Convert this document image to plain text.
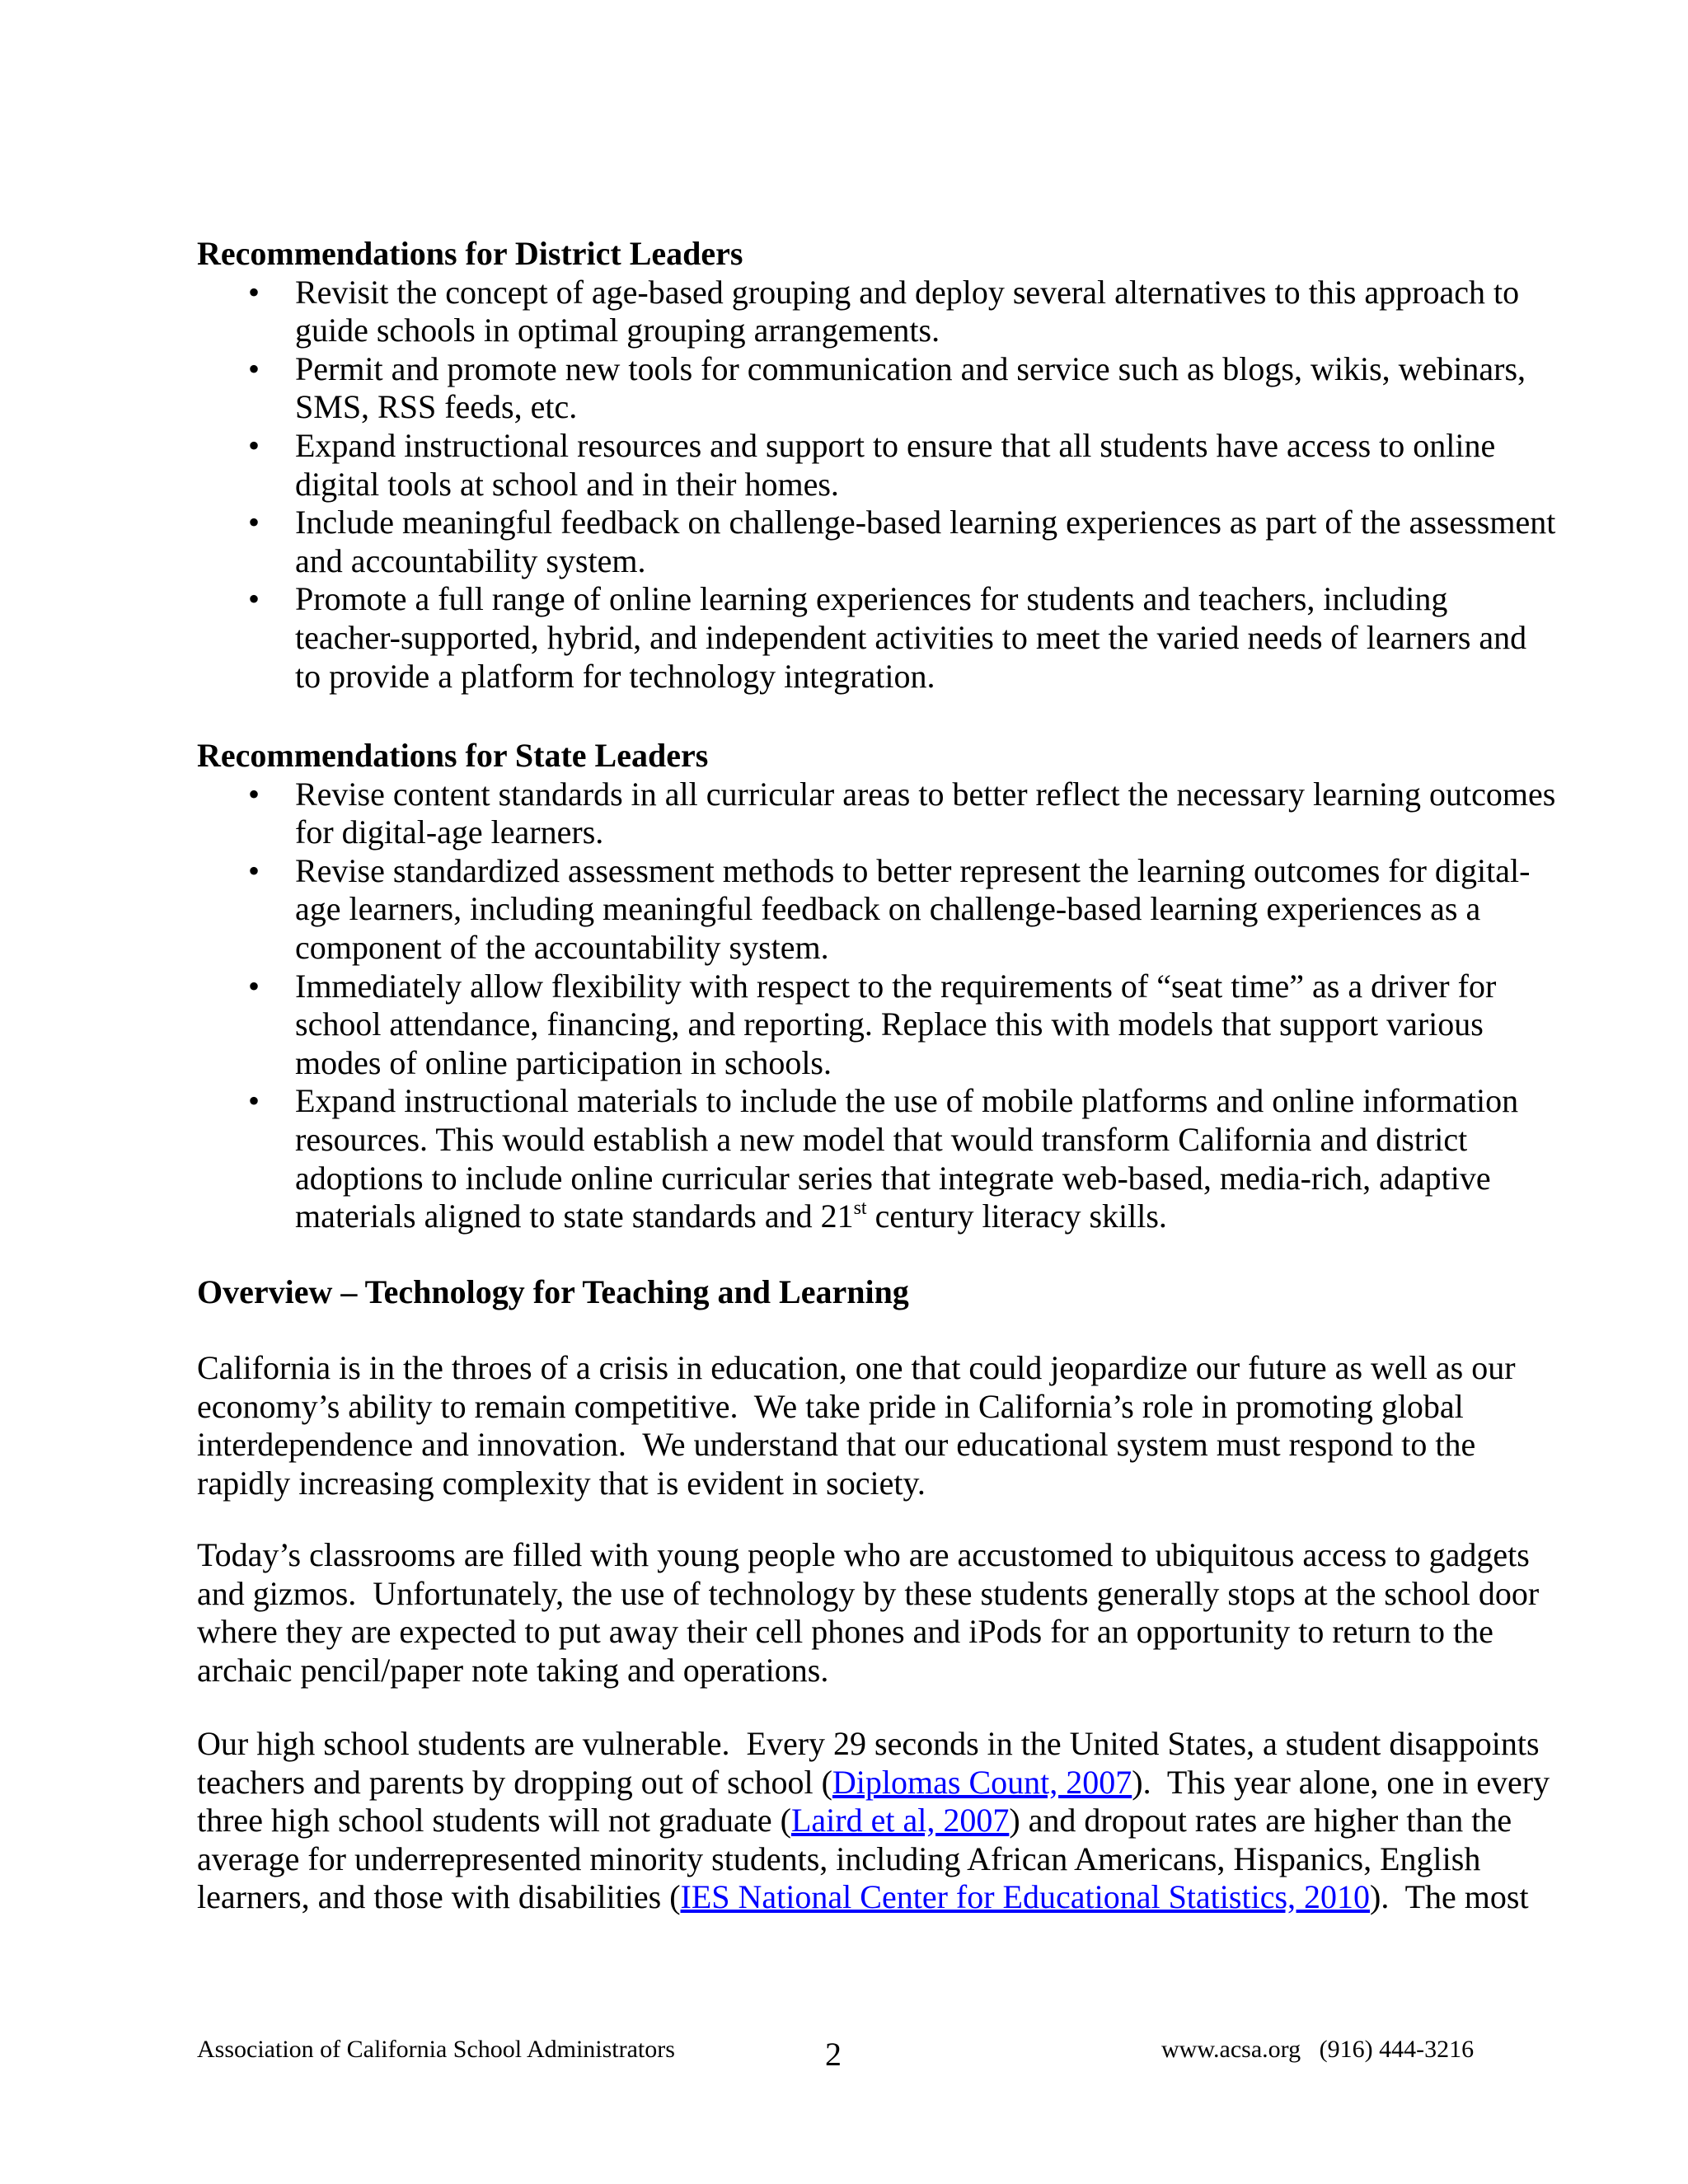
Recommendations for District Leaders
• Revisit the concept of age-based grouping and deploy several alternatives to this approach to
guide schools in optimal grouping arrangements.
• Permit and promote new tools for communication and service such as blogs, wikis, webinars,
SMS, RSS feeds, etc.
• Expand instructional resources and support to ensure that all students have access to online
digital tools at school and in their homes.
• Include meaningful feedback on challenge-based learning experiences as part of the assessment
and accountability system.
• Promote a full range of online learning experiences for students and teachers, including
teacher-supported, hybrid, and independent activities to meet the varied needs of learners and
to provide a platform for technology integration.
Recommendations for State Leaders
• Revise content standards in all curricular areas to better reflect the necessary learning outcomes
for digital-age learners.
• Revise standardized assessment methods to better represent the learning outcomes for digital-
age learners, including meaningful feedback on challenge-based learning experiences as a
component of the accountability system.
• Immediately allow flexibility with respect to the requirements of “seat time” as a driver for
school attendance, financing, and reporting. Replace this with models that support various
modes of online participation in schools.
• Expand instructional materials to include the use of mobile platforms and online information
resources. This would establish a new model that would transform California and district
adoptions to include online curricular series that integrate web-based, media-rich, adaptive
materials aligned to state standards and 21st century literacy skills.
Overview – Technology for Teaching and Learning
California is in the throes of a crisis in education, one that could jeopardize our future as well as our
economy’s ability to remain competitive.  We take pride in California’s role in promoting global
interdependence and innovation.  We understand that our educational system must respond to the
rapidly increasing complexity that is evident in society.
Today’s classrooms are filled with young people who are accustomed to ubiquitous access to gadgets
and gizmos.  Unfortunately, the use of technology by these students generally stops at the school door
where they are expected to put away their cell phones and iPods for an opportunity to return to the
archaic pencil/paper note taking and operations.
Our high school students are vulnerable.  Every 29 seconds in the United States, a student disappoints
teachers and parents by dropping out of school (Diplomas Count, 2007).  This year alone, one in every
three high school students will not graduate (Laird et al, 2007) and dropout rates are higher than the
average for underrepresented minority students, including African Americans, Hispanics, English
learners, and those with disabilities (IES National Center for Educational Statistics, 2010).  The most
Association of California School Administrators	2	www.acsa.org   (916) 444-3216
